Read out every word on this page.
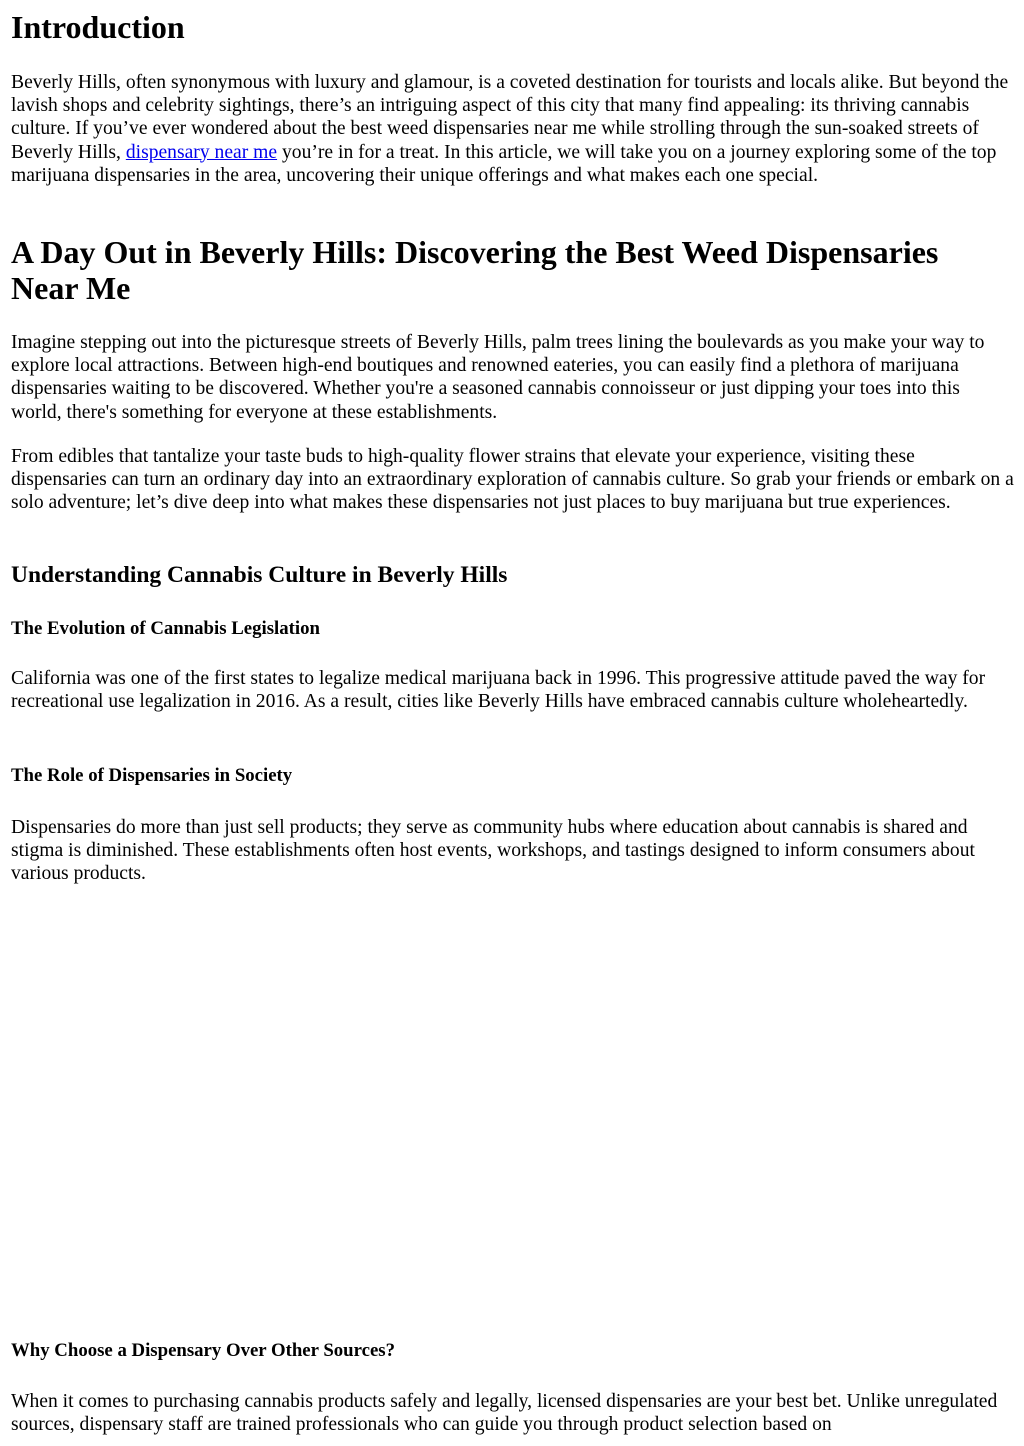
Introduction

Beverly Hills, often synonymous with luxury and glamour, is a coveted destination for tourists and locals alike. But beyond the lavish shops and celebrity sightings, there’s an intriguing aspect of this city that many find appealing: its thriving cannabis culture. If you’ve ever wondered about the best weed dispensaries near me while strolling through the sun-soaked streets of Beverly Hills, dispensary near me you’re in for a treat. In this article, we will take you on a journey exploring some of the top marijuana dispensaries in the area, uncovering their unique offerings and what makes each one special.

A Day Out in Beverly Hills: Discovering the Best Weed Dispensaries Near Me

Imagine stepping out into the picturesque streets of Beverly Hills, palm trees lining the boulevards as you make your way to explore local attractions. Between high-end boutiques and renowned eateries, you can easily find a plethora of marijuana dispensaries waiting to be discovered. Whether you're a seasoned cannabis connoisseur or just dipping your toes into this world, there's something for everyone at these establishments.

From edibles that tantalize your taste buds to high-quality flower strains that elevate your experience, visiting these dispensaries can turn an ordinary day into an extraordinary exploration of cannabis culture. So grab your friends or embark on a solo adventure; let’s dive deep into what makes these dispensaries not just places to buy marijuana but true experiences.

Understanding Cannabis Culture in Beverly Hills
The Evolution of Cannabis Legislation

California was one of the first states to legalize medical marijuana back in 1996. This progressive attitude paved the way for recreational use legalization in 2016. As a result, cities like Beverly Hills have embraced cannabis culture wholeheartedly.

The Role of Dispensaries in Society

Dispensaries do more than just sell products; they serve as community hubs where education about cannabis is shared and stigma is diminished. These establishments often host events, workshops, and tastings designed to inform consumers about various products.

Why Choose a Dispensary Over Other Sources?

When it comes to purchasing cannabis products safely and legally, licensed dispensaries are your best bet. Unlike unregulated sources, dispensary staff are trained professionals who can guide you through product selection based on
